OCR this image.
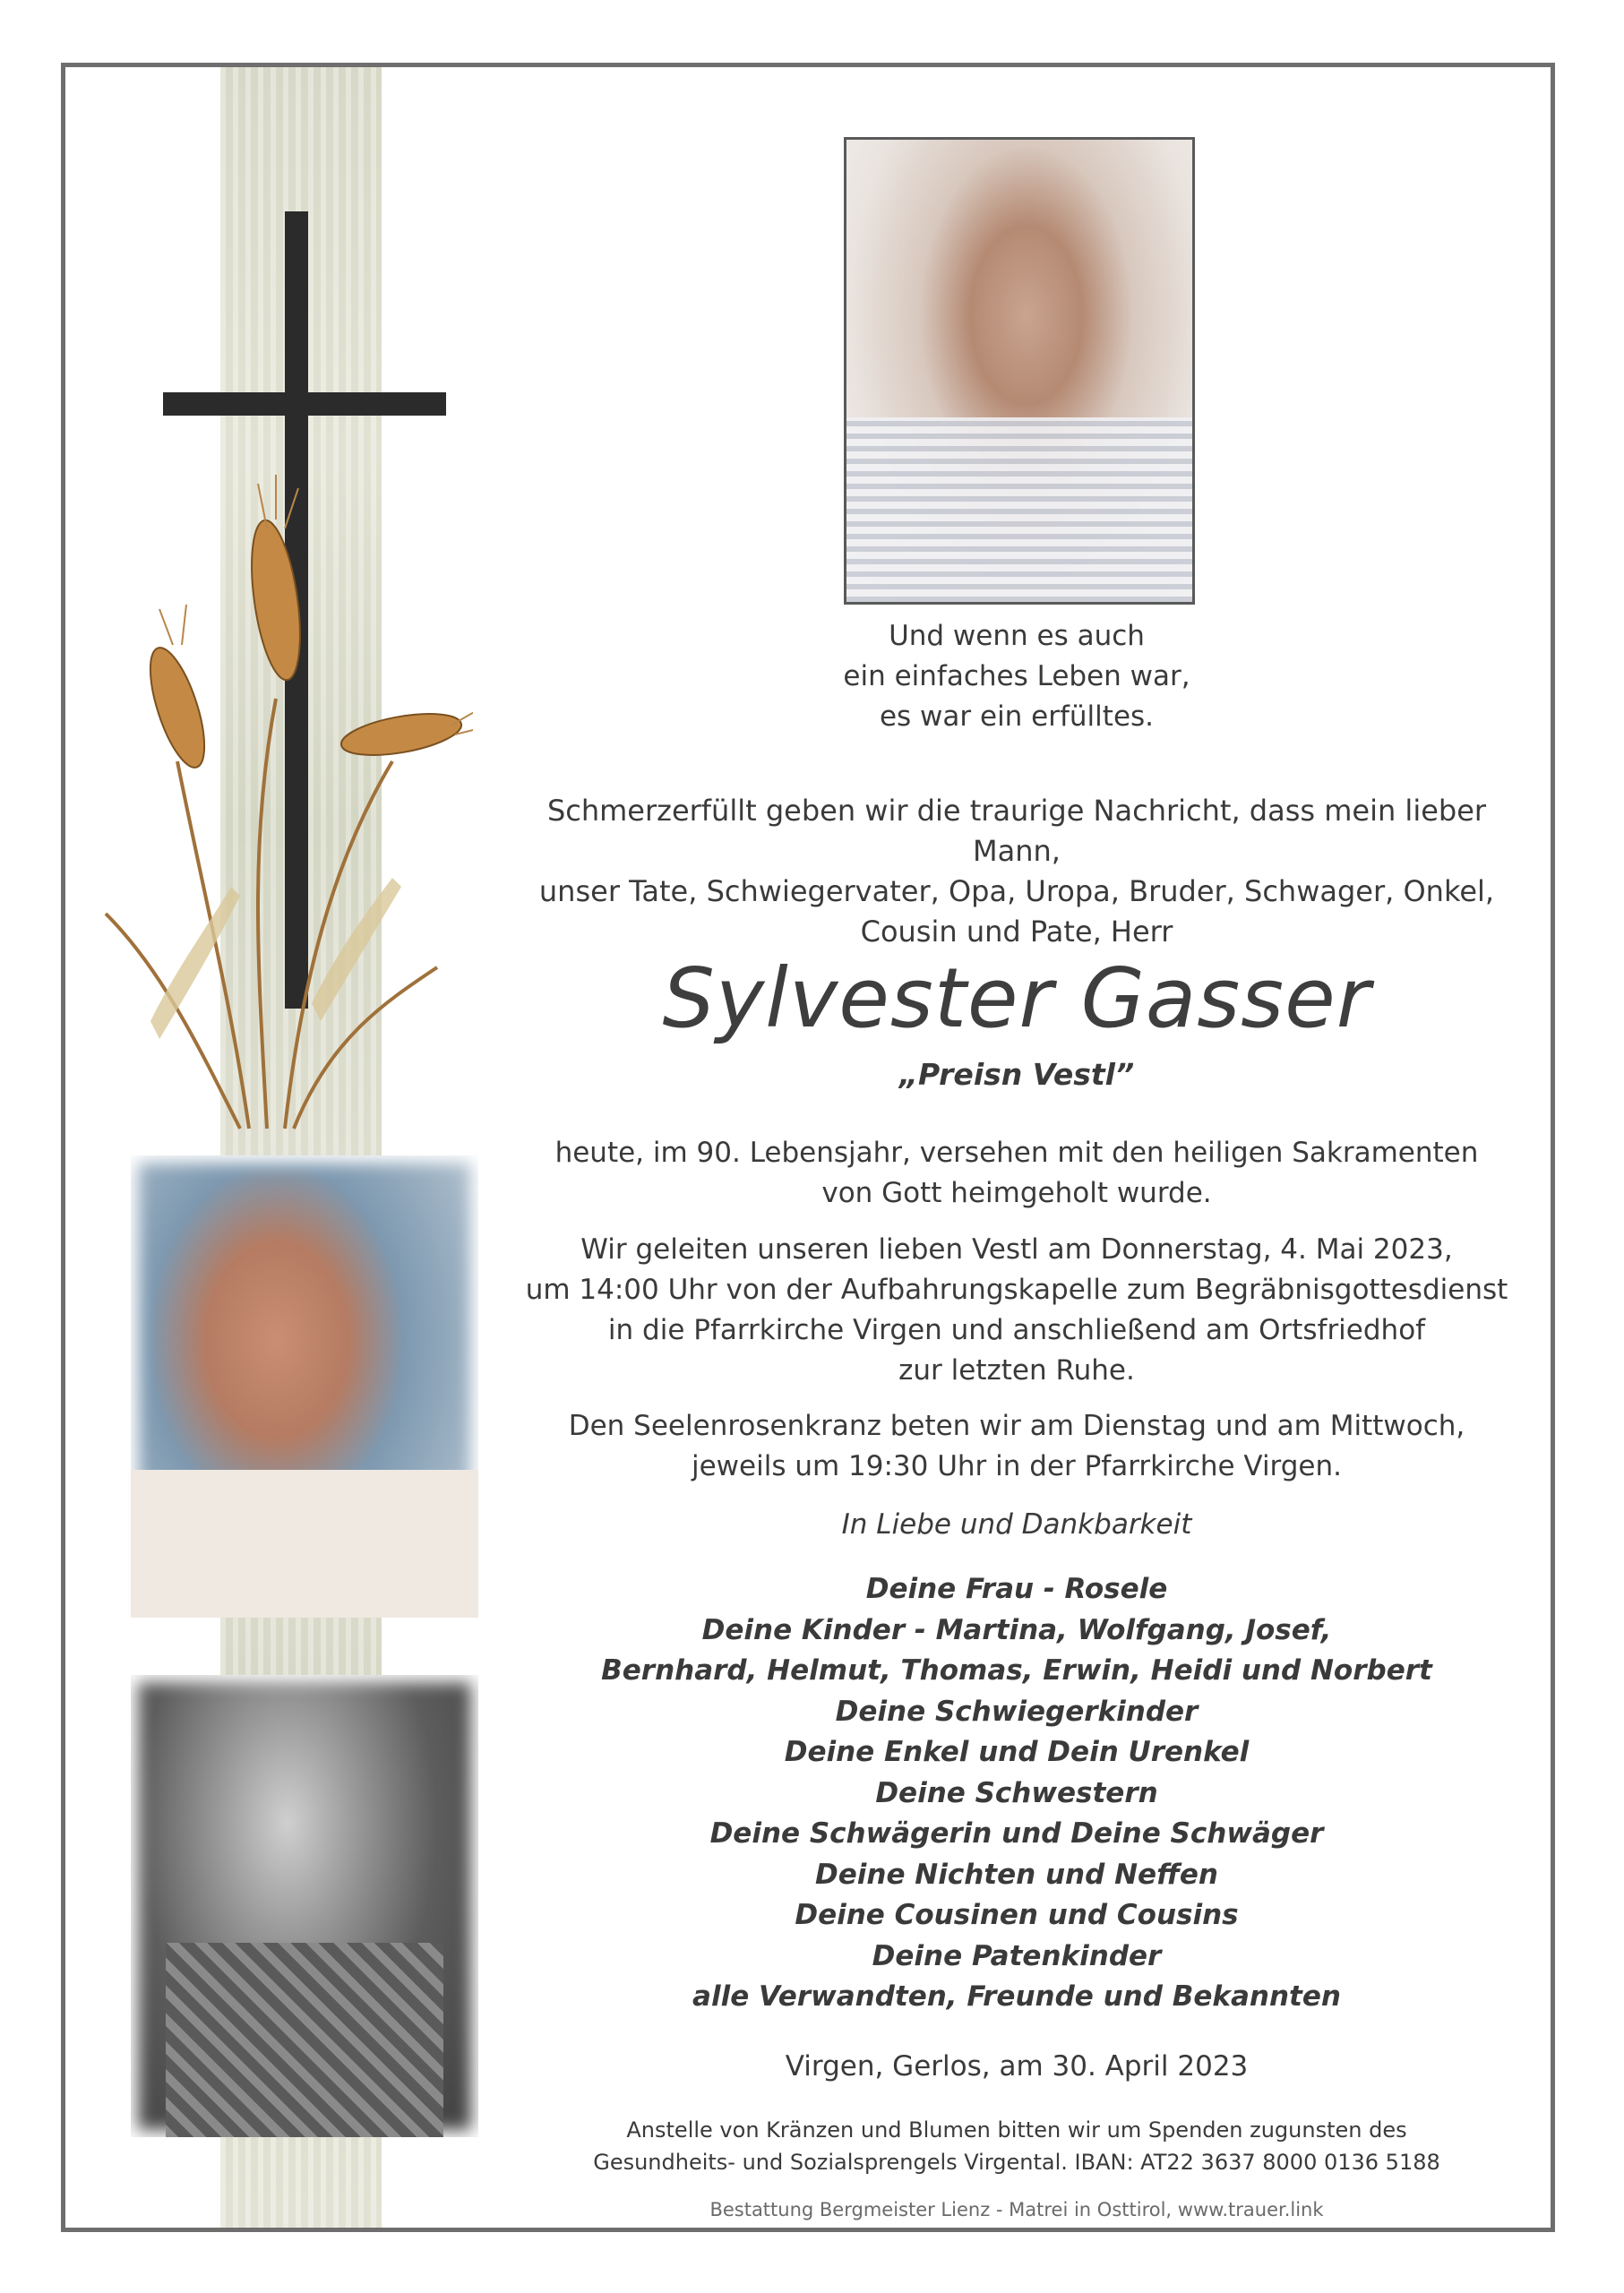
Und wenn es auch
ein einfaches Leben war,
es war ein erfülltes.

Schmerzerfüllt geben wir die traurige Nachricht, dass mein lieber Mann,
unser Tate, Schwiegervater, Opa, Uropa, Bruder, Schwager, Onkel,
Cousin und Pate, Herr

Sylvester Gasser

„Preisn Vestl”

heute, im 90. Lebensjahr, versehen mit den heiligen Sakramenten
von Gott heimgeholt wurde.

Wir geleiten unseren lieben Vestl am Donnerstag, 4. Mai 2023,
um 14:00 Uhr von der Aufbahrungskapelle zum Begräbnisgottesdienst
in die Pfarrkirche Virgen und anschließend am Ortsfriedhof
zur letzten Ruhe.

Den Seelenrosenkranz beten wir am Dienstag und am Mittwoch,
jeweils um 19:30 Uhr in der Pfarrkirche Virgen.

In Liebe und Dankbarkeit

Deine Frau - Rosele
Deine Kinder - Martina, Wolfgang, Josef,
Bernhard, Helmut, Thomas, Erwin, Heidi und Norbert
Deine Schwiegerkinder
Deine Enkel und Dein Urenkel
Deine Schwestern
Deine Schwägerin und Deine Schwäger
Deine Nichten und Neffen
Deine Cousinen und Cousins
Deine Patenkinder
alle Verwandten, Freunde und Bekannten

Virgen, Gerlos, am 30. April 2023

Anstelle von Kränzen und Blumen bitten wir um Spenden zugunsten des
Gesundheits- und Sozialsprengels Virgental. IBAN: AT22 3637 8000 0136 5188

Bestattung Bergmeister Lienz - Matrei in Osttirol, www.trauer.link
